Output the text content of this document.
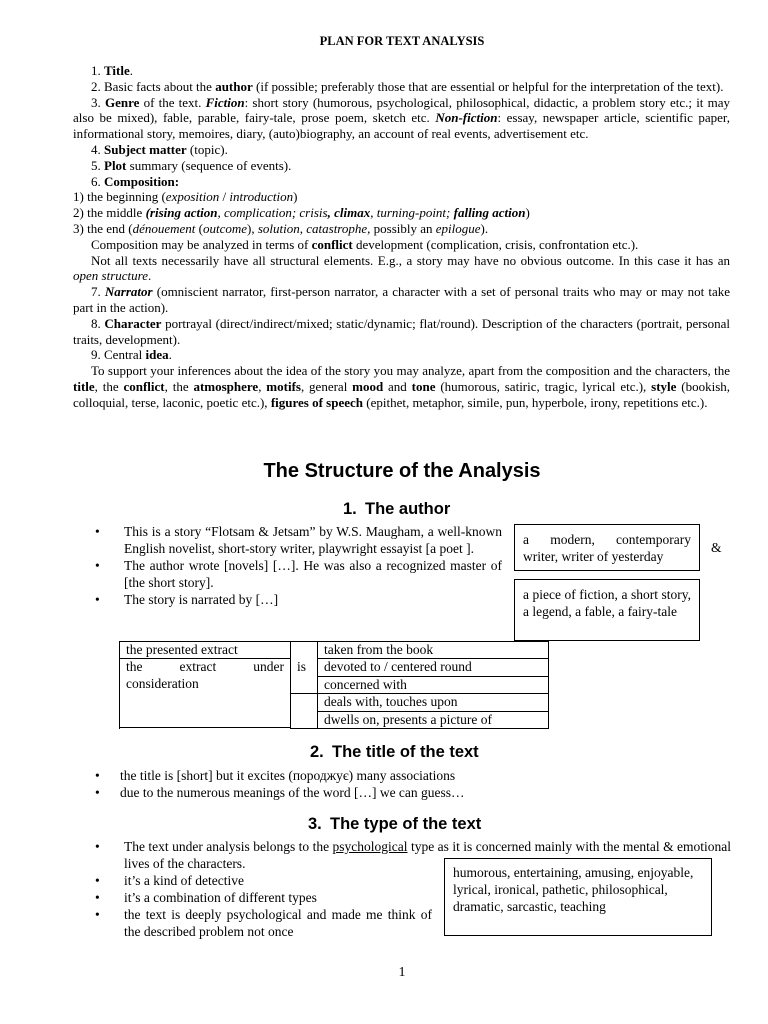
PLAN FOR TEXT ANALYSIS

1. Title.

2. Basic facts about the author (if possible; preferably those that are essential or helpful for the interpretation of the text).

3. Genre of the text. Fiction: short story (humorous, psychological, philosophical, didactic, a problem story etc.; it may also be mixed), fable, parable, fairy-tale, prose poem, sketch etc. Non-fiction: essay, newspaper article, scientific paper, informational story, memoires, diary, (auto)biography, an account of real events, advertisement etc.

4. Subject matter (topic).

5. Plot summary (sequence of events).

6. Composition:

1) the beginning (exposition / introduction)

2) the middle (rising action, complication; crisis, climax, turning-point; falling action)

3) the end (dénouement (outcome), solution, catastrophe, possibly an epilogue).

Composition may be analyzed in terms of conflict development (complication, crisis, confrontation etc.).

Not all texts necessarily have all structural elements. E.g., a story may have no obvious outcome. In this case it has an open structure.

7. Narrator (omniscient narrator, first-person narrator, a character with a set of personal traits who may or may not take part in the action).

8. Character portrayal (direct/indirect/mixed; static/dynamic; flat/round). Description of the characters (portrait, personal traits, development).

9. Central idea.

To support your inferences about the idea of the story you may analyze, apart from the composition and the characters, the title, the conflict, the atmosphere, motifs, general mood and tone (humorous, satiric, tragic, lyrical etc.), style (bookish, colloquial, terse, laconic, poetic etc.), figures of speech (epithet, metaphor, simile, pun, hyperbole, irony, repetitions etc.).

The Structure of the Analysis
1. The author
• This is a story “Flotsam & Jetsam” by W.S. Maugham, a well-known English novelist, short-story writer, playwright essayist [a poet ].
• The author wrote [novels] […]. He was also a recognized master of [the short story].
• The story is narrated by […]
a modern, contemporary writer, writer of yesterday
&
a piece of fiction, a short story, a legend, a fable, a fairy-tale
the presented extract		taken from the book
the extract under consideration	is	devoted to / centered round
		concerned with
		deals with, touches upon
		dwells on, presents a picture of
2. The title of the text
• the title is [short] but it excites (породжує) many associations
• due to the numerous meanings of the word […] we can guess…
3. The type of the text
• The text under analysis belongs to the psychological type as it is concerned mainly with the mental & emotional lives of the characters.
• it’s a kind of detective
• it’s a combination of different types
• the text is deeply psychological and made me think of the described problem not once
humorous, entertaining, amusing, enjoyable, lyrical, ironical, pathetic, philosophical, dramatic, sarcastic, teaching
1
